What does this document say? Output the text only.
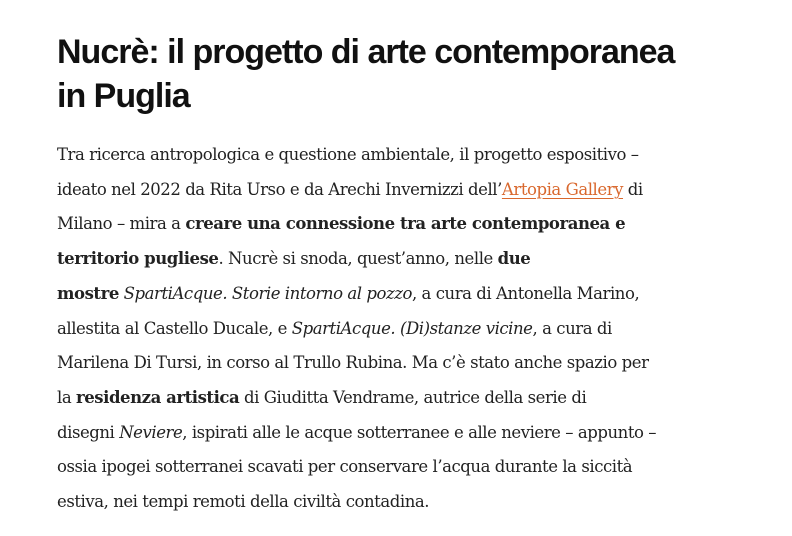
Nucrè: il progetto di arte contemporanea
in Puglia

Tra ricerca antropologica e questione ambientale, il progetto espositivo –
ideato nel 2022 da Rita Urso e da Arechi Invernizzi dell’Artopia Gallery di
Milano – mira a creare una connessione tra arte contemporanea e
territorio pugliese. Nucrè si snoda, quest’anno, nelle due
mostre SpartiAcque. Storie intorno al pozzo, a cura di Antonella Marino,
allestita al Castello Ducale, e SpartiAcque. (Di)stanze vicine, a cura di
Marilena Di Tursi, in corso al Trullo Rubina. Ma c’è stato anche spazio per
la residenza artistica di Giuditta Vendrame, autrice della serie di
disegni Neviere, ispirati alle le acque sotterranee e alle neviere – appunto –
ossia ipogei sotterranei scavati per conservare l’acqua durante la siccità
estiva, nei tempi remoti della civiltà contadina.
